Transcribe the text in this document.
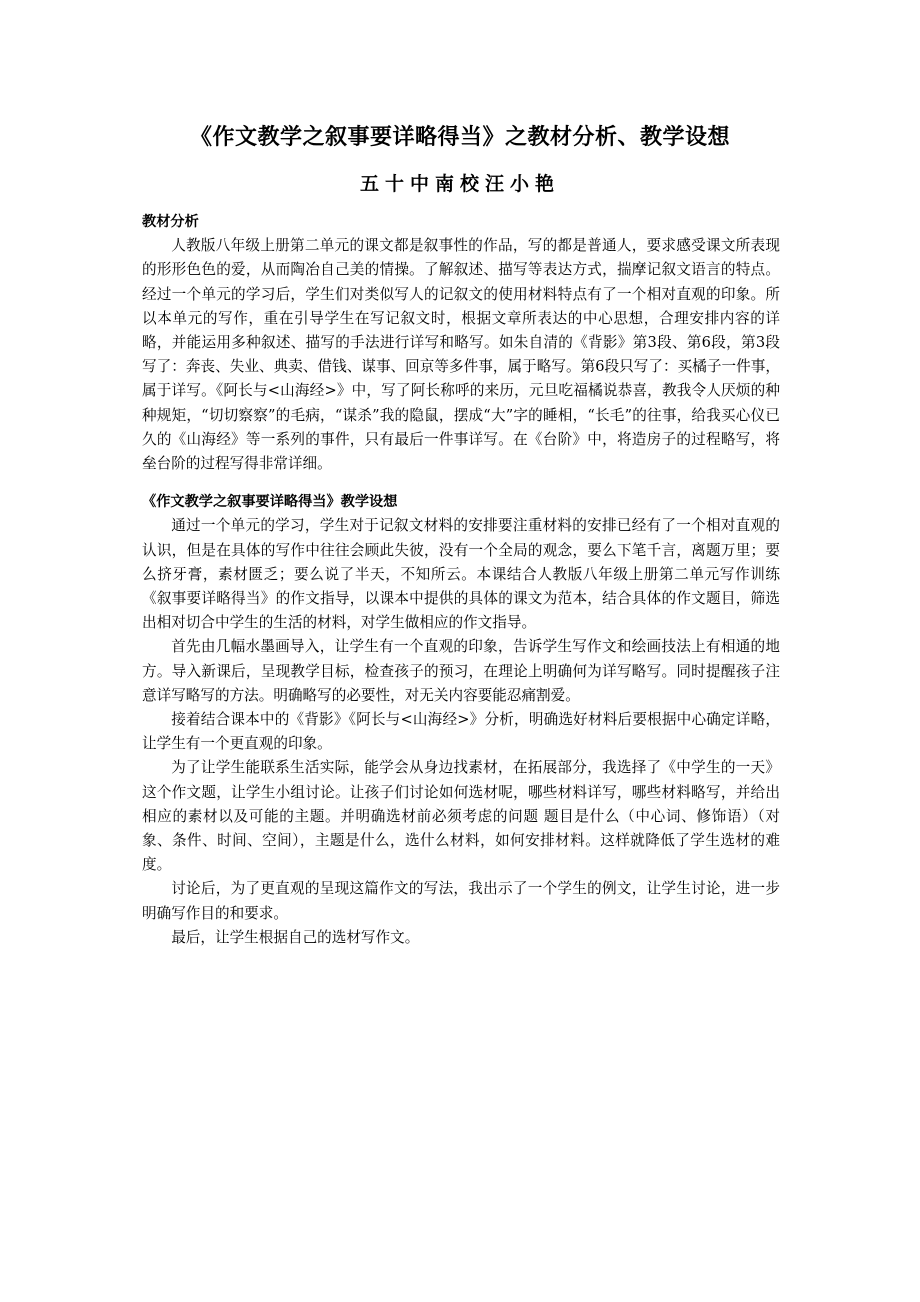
《作文教学之叙事要详略得当》之教材分析、教学设想
五十中南校汪小艳

教材分析

人教版八年级上册第二单元的课文都是叙事性的作品，写的都是普通人，要求感受课文所表现的形形色色的爱，从而陶冶自己美的情操。了解叙述、描写等表达方式，揣摩记叙文语言的特点。经过一个单元的学习后，学生们对类似写人的记叙文的使用材料特点有了一个相对直观的印象。所以本单元的写作，重在引导学生在写记叙文时，根据文章所表达的中心思想，合理安排内容的详略，并能运用多种叙述、描写的手法进行详写和略写。如朱自清的《背影》第3段、第6段，第3段写了：奔丧、失业、典卖、借钱、谋事、回京等多件事，属于略写。第6段只写了：买橘子一件事，属于详写。《阿长与<山海经>》中，写了阿长称呼的来历，元旦吃福橘说恭喜，教我令人厌烦的种种规矩，“切切察察”的毛病，“谋杀”我的隐鼠，摆成“大”字的睡相，“长毛”的往事，给我买心仪已久的《山海经》等一系列的事件，只有最后一件事详写。在《台阶》中，将造房子的过程略写，将垒台阶的过程写得非常详细。

《作文教学之叙事要详略得当》教学设想

通过一个单元的学习，学生对于记叙文材料的安排要注重材料的安排已经有了一个相对直观的认识，但是在具体的写作中往往会顾此失彼，没有一个全局的观念，要么下笔千言，离题万里；要么挤牙膏，素材匮乏；要么说了半天，不知所云。本课结合人教版八年级上册第二单元写作训练《叙事要详略得当》的作文指导，以课本中提供的具体的课文为范本，结合具体的作文题目，筛选出相对切合中学生的生活的材料，对学生做相应的作文指导。

首先由几幅水墨画导入，让学生有一个直观的印象，告诉学生写作文和绘画技法上有相通的地方。导入新课后，呈现教学目标，检查孩子的预习，在理论上明确何为详写略写。同时提醒孩子注意详写略写的方法。明确略写的必要性，对无关内容要能忍痛割爱。

接着结合课本中的《背影》《阿长与<山海经>》分析，明确选好材料后要根据中心确定详略，让学生有一个更直观的印象。

为了让学生能联系生活实际，能学会从身边找素材，在拓展部分，我选择了《中学生的一天》这个作文题，让学生小组讨论。让孩子们讨论如何选材呢，哪些材料详写，哪些材料略写，并给出相应的素材以及可能的主题。并明确选材前必须考虑的问题 题目是什么（中心词、修饰语）（对象、条件、时间、空间），主题是什么，选什么材料，如何安排材料。这样就降低了学生选材的难度。

讨论后，为了更直观的呈现这篇作文的写法，我出示了一个学生的例文，让学生讨论，进一步明确写作目的和要求。

最后，让学生根据自己的选材写作文。
